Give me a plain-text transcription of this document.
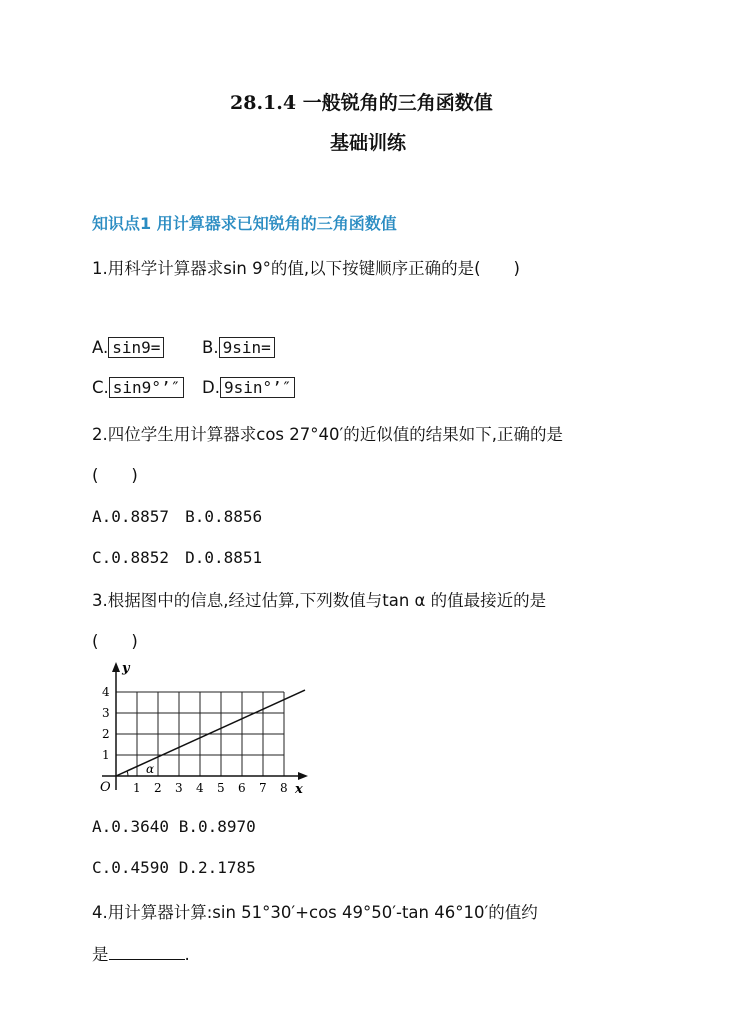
28.1.4 一般锐角的三角函数值
基础训练
知识点1 用计算器求已知锐角的三角函数值
1.用科学计算器求sin 9°的值,以下按键顺序正确的是(　　)
A. sin9=	B. 9sin=
C. sin9°’″ D. 9sin°’″
2.四位学生用计算器求cos 27°40′的近似值的结果如下,正确的是
(　　)
A.0.8857　B.0.8856
C.0.8852　D.0.8851
3.根据图中的信息,经过估算,下列数值与tan α 的值最接近的是
(　　)
α
y
x
O 1 2 3 4 5 6 7 8
1
2
3
4
A.0.3640 B.0.8970
C.0.4590 D.2.1785
4.用计算器计算:sin 51°30′+cos 49°50′-tan 46°10′的值约
是	.
